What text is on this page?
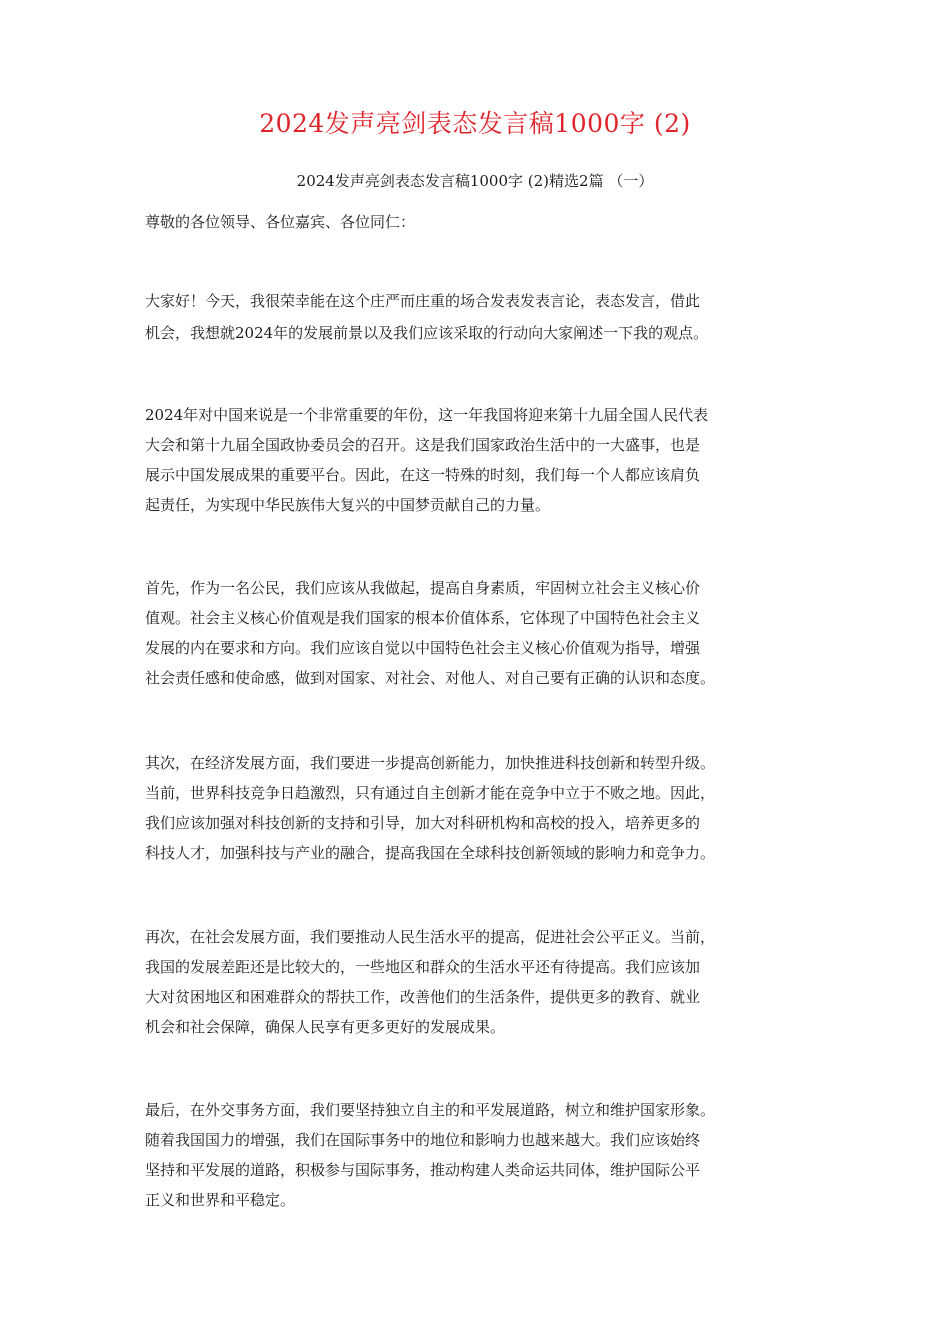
2024发声亮剑表态发言稿1000字 (2)
2024发声亮剑表态发言稿1000字 (2)精选2篇 （一）
尊敬的各位领导、各位嘉宾、各位同仁：
大家好！今天，我很荣幸能在这个庄严而庄重的场合发表发表言论，表态发言，借此
机会，我想就2024年的发展前景以及我们应该采取的行动向大家阐述一下我的观点。
2024年对中国来说是一个非常重要的年份，这一年我国将迎来第十九届全国人民代表
大会和第十九届全国政协委员会的召开。这是我们国家政治生活中的一大盛事，也是
展示中国发展成果的重要平台。因此，在这一特殊的时刻，我们每一个人都应该肩负
起责任，为实现中华民族伟大复兴的中国梦贡献自己的力量。
首先，作为一名公民，我们应该从我做起，提高自身素质，牢固树立社会主义核心价
值观。社会主义核心价值观是我们国家的根本价值体系，它体现了中国特色社会主义
发展的内在要求和方向。我们应该自觉以中国特色社会主义核心价值观为指导，增强
社会责任感和使命感，做到对国家、对社会、对他人、对自己要有正确的认识和态度。
其次，在经济发展方面，我们要进一步提高创新能力，加快推进科技创新和转型升级。
当前，世界科技竞争日趋激烈，只有通过自主创新才能在竞争中立于不败之地。因此，
我们应该加强对科技创新的支持和引导，加大对科研机构和高校的投入，培养更多的
科技人才，加强科技与产业的融合，提高我国在全球科技创新领域的影响力和竞争力。
再次，在社会发展方面，我们要推动人民生活水平的提高，促进社会公平正义。当前，
我国的发展差距还是比较大的，一些地区和群众的生活水平还有待提高。我们应该加
大对贫困地区和困难群众的帮扶工作，改善他们的生活条件，提供更多的教育、就业
机会和社会保障，确保人民享有更多更好的发展成果。
最后，在外交事务方面，我们要坚持独立自主的和平发展道路，树立和维护国家形象。
随着我国国力的增强，我们在国际事务中的地位和影响力也越来越大。我们应该始终
坚持和平发展的道路，积极参与国际事务，推动构建人类命运共同体，维护国际公平
正义和世界和平稳定。
